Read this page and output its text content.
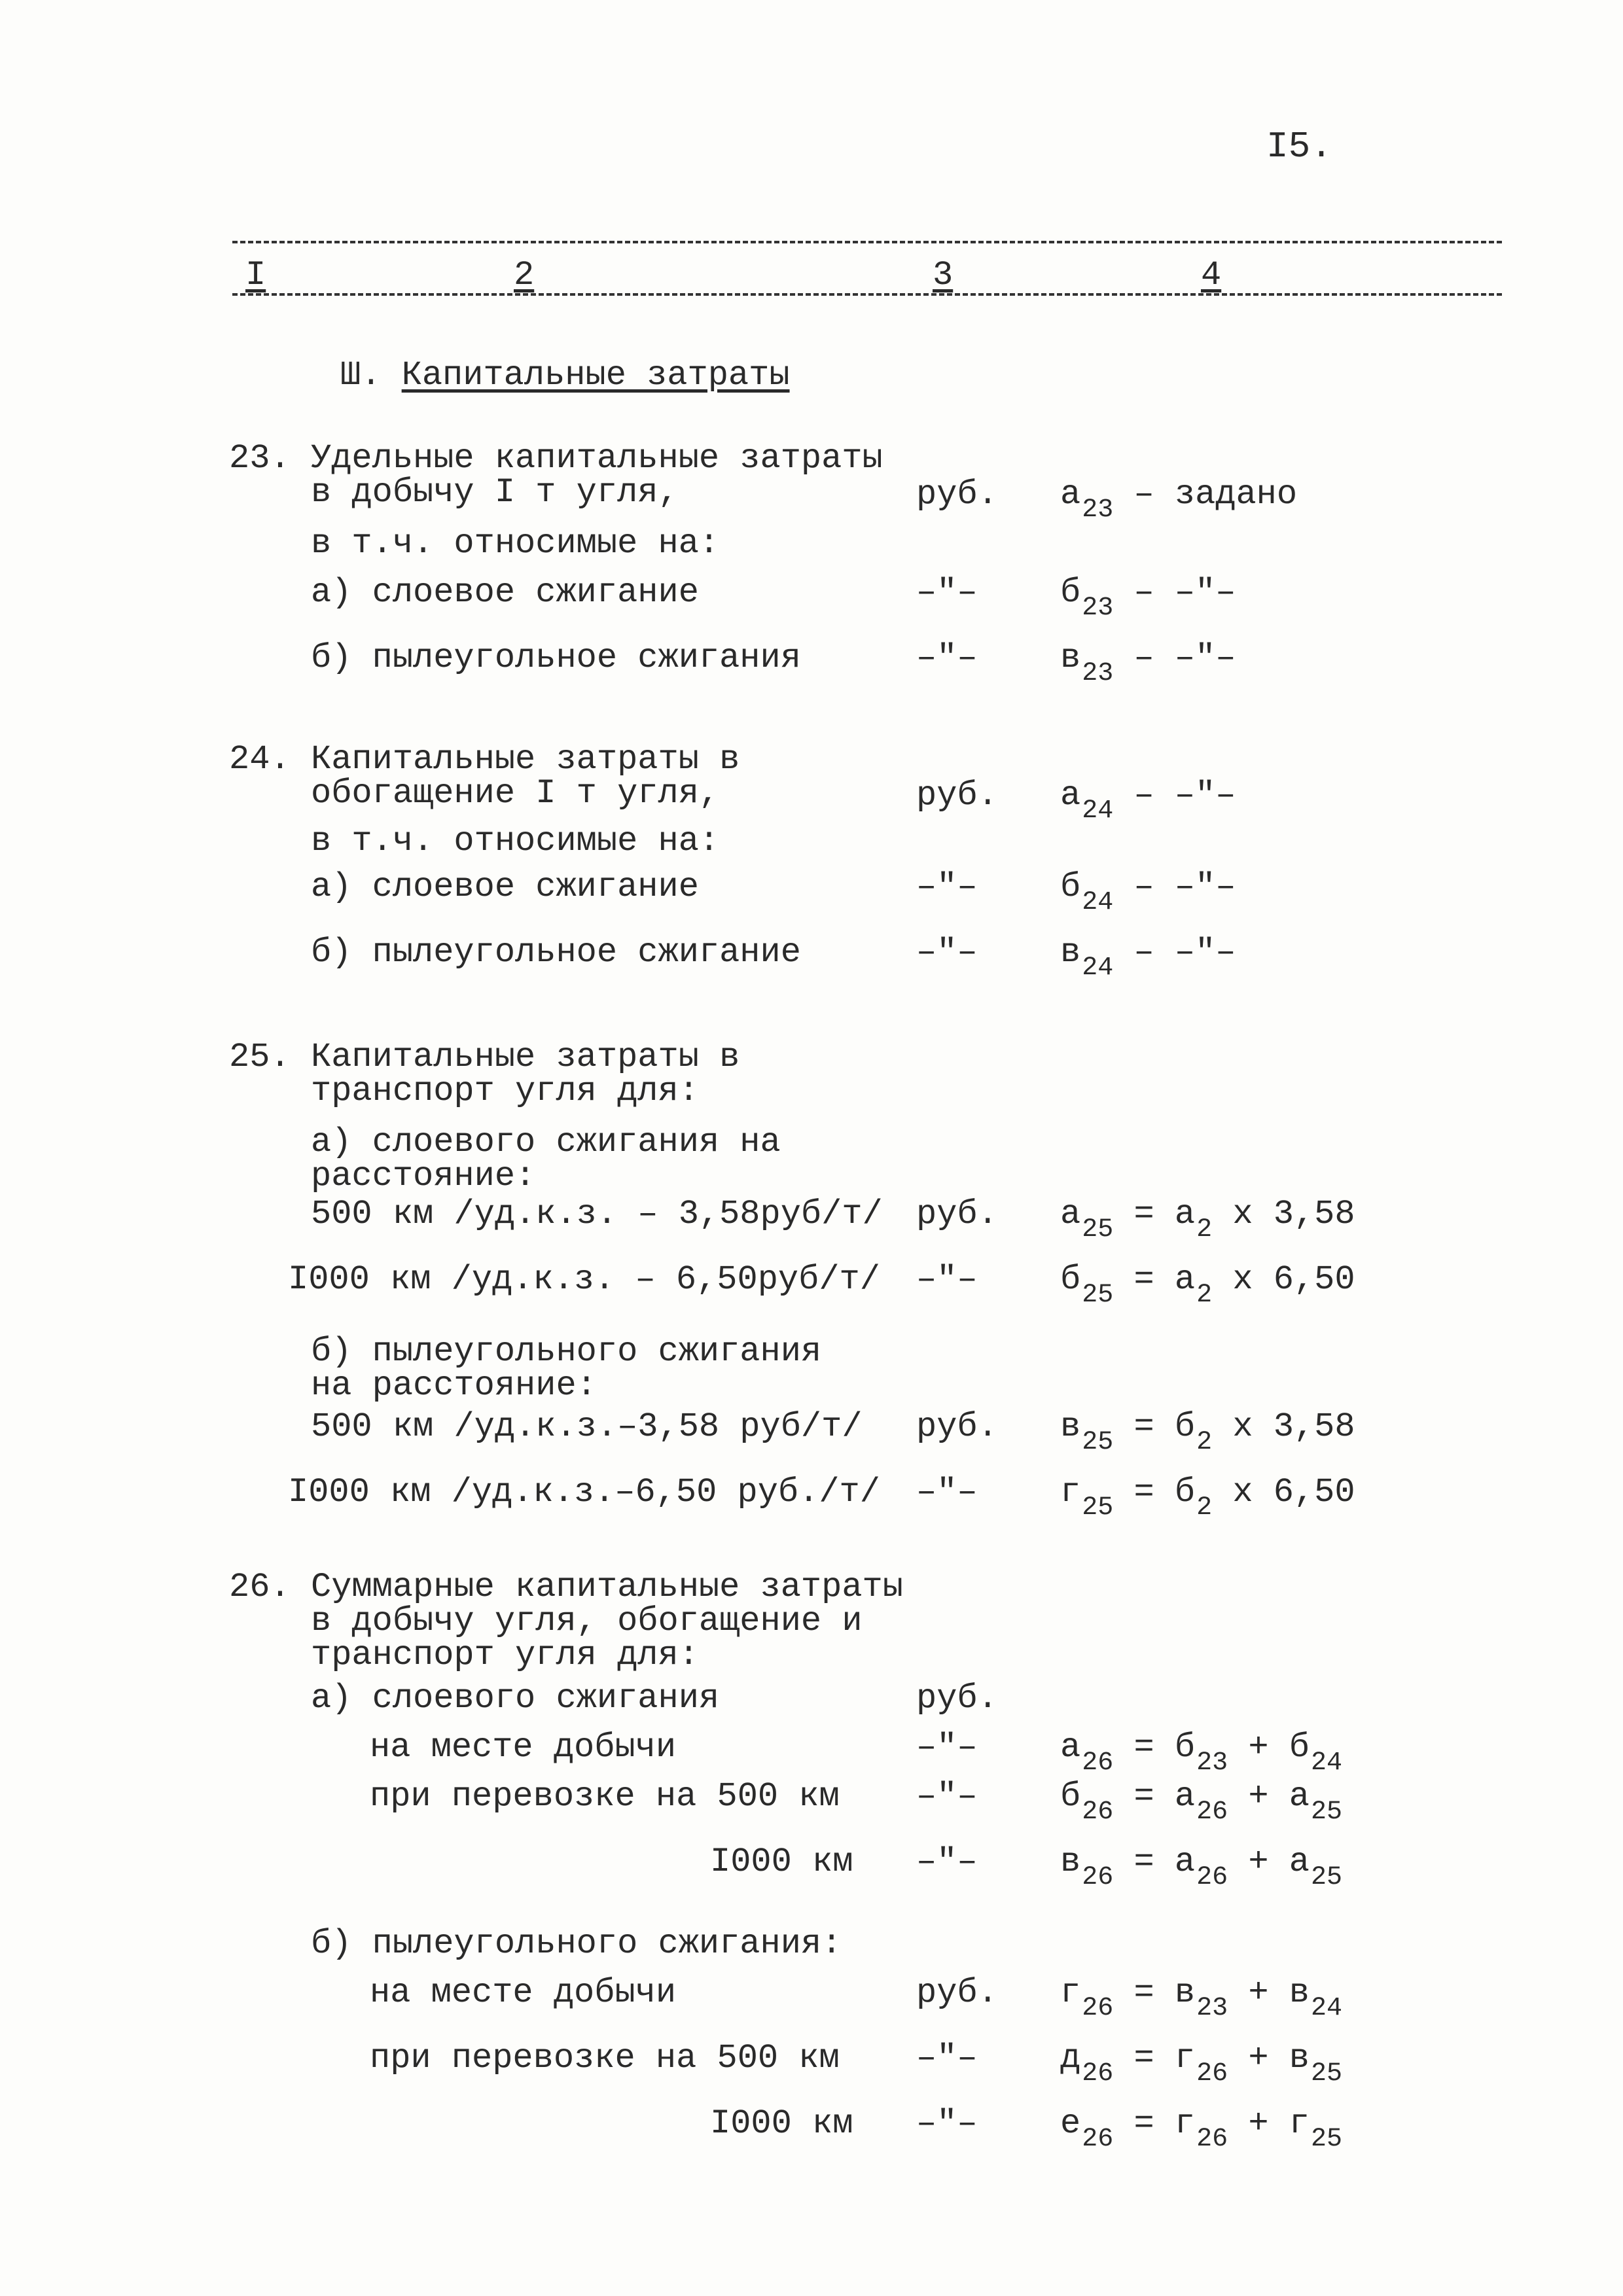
I5.
I	2	3	4
Ш. Капитальные затраты
23. Удельные капитальные затраты в добычу I т угля,	руб. $а_{23}$ – задано
в т.ч. относимые на:
а) слоевое сжигание	–"– $б_{23}$ – –"–
б) пылеугольное сжигания	–"– $в_{23}$ – –"–
24. Капитальные затраты в обогащение I т угля,	руб. $а_{24}$ – –"–
в т.ч. относимые на:
а) слоевое сжигание	–"– $б_{24}$ – –"–
б) пылеугольное сжигание	–"– $в_{24}$ – –"–
25. Капитальные затраты в транспорт угля для:
а) слоевого сжигания на расстояние:
500 км /уд.к.з. – 3,58руб/т/ руб. $а_{25} = а_2$ х 3,58
I000 км /уд.к.з. – 6,50руб/т/ –"– $б_{25} = а_2$ х 6,50
б) пылеугольного сжигания на расстояние:
500 км /уд.к.з.–3,58 руб/т/ руб. $в_{25} = б_2$ х 3,58
I000 км /уд.к.з.–6,50 руб./т/ –"– $г_{25} = б_2$ х 6,50
26. Суммарные капитальные затраты в добычу угля, обогащение и транспорт угля для:
а) слоевого сжигания	руб.
на месте добычи	–"– $а_{26} = б_{23} + б_{24}$
при перевозке на 500 км –"– $б_{26} = а_{26} + а_{25}$
I000 км –"– $в_{26} = а_{26} + а_{25}$
б) пылеугольного сжигания:
на месте добычи	руб. $г_{26} = в_{23} + в_{24}$
при перевозке на 500 км –"– $д_{26} = г_{26} + в_{25}$
I000 км –"– $е_{26} = г_{26} + г_{25}$
